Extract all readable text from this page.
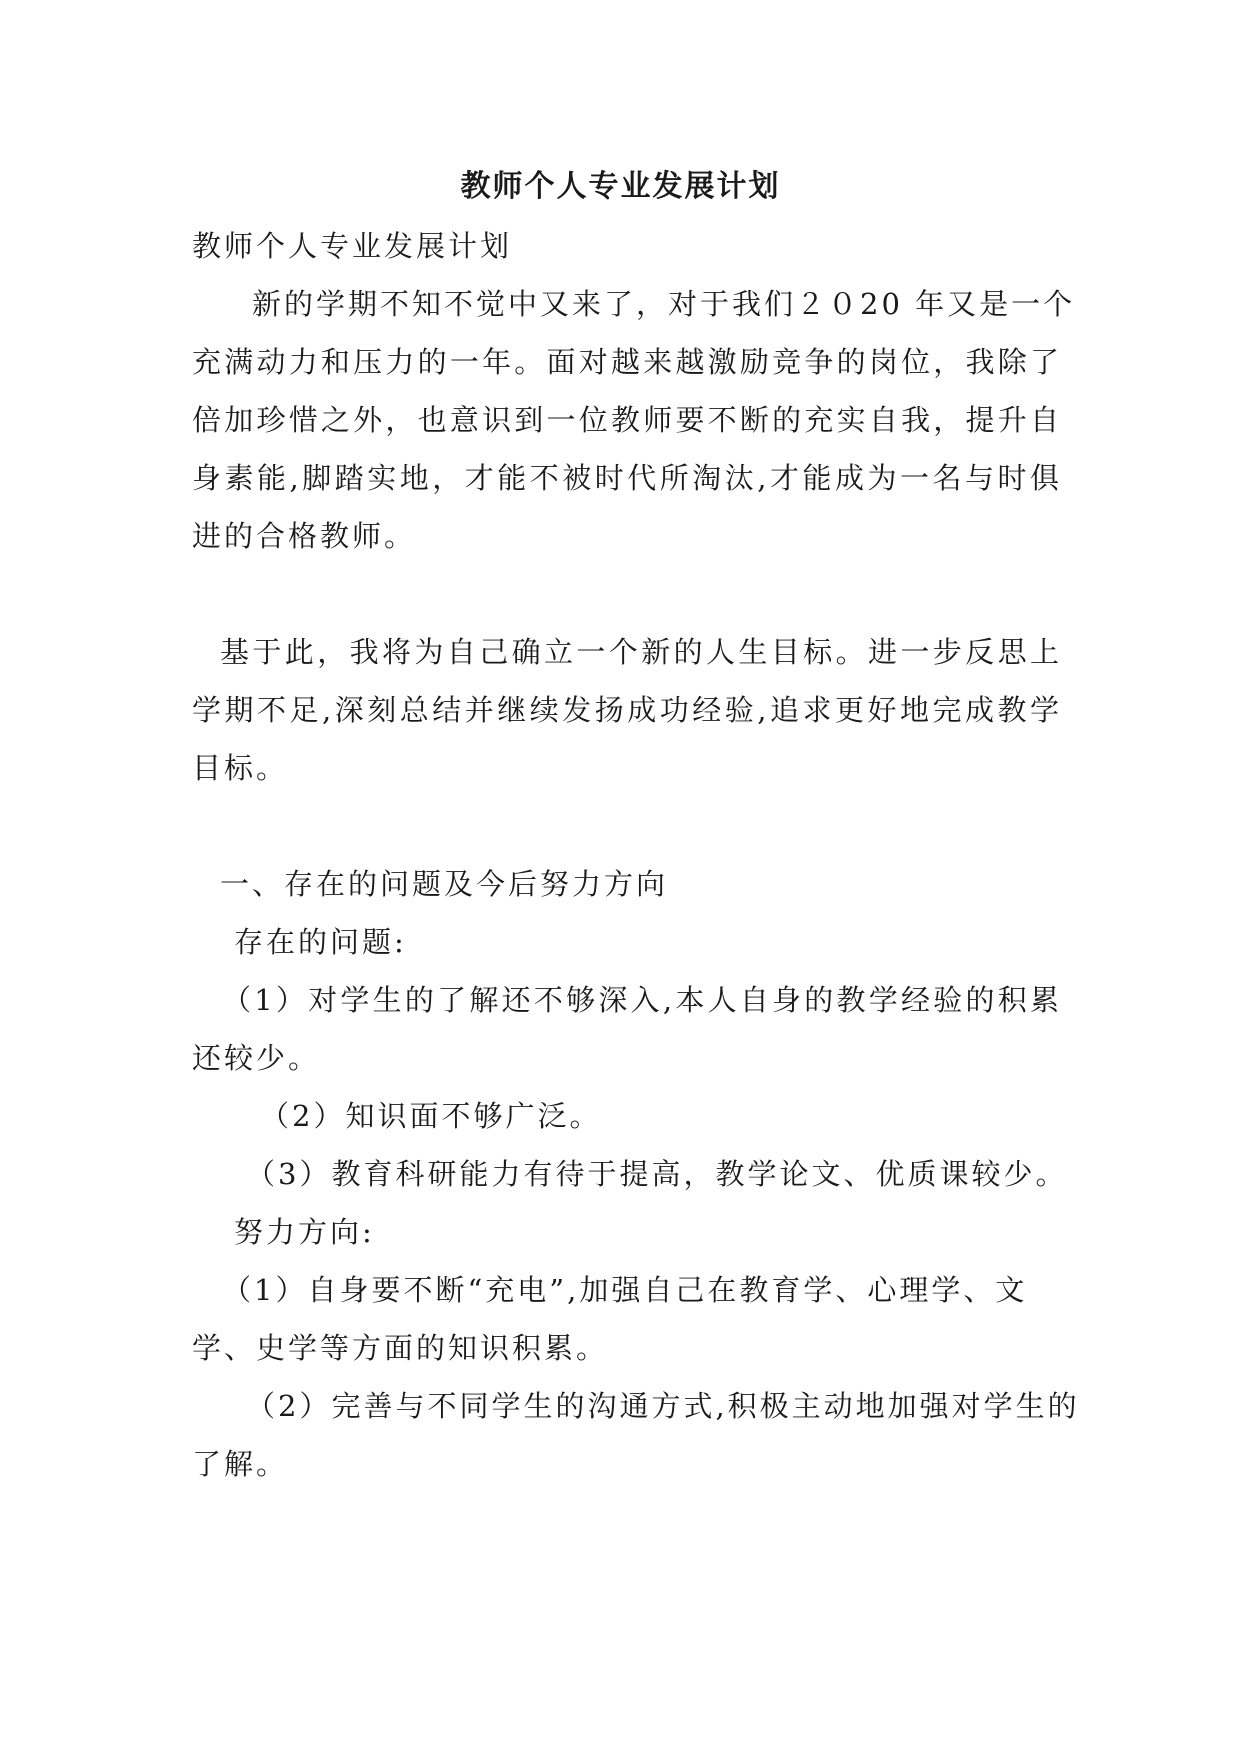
教师个人专业发展计划
教师个人专业发展计划
新的学期不知不觉中又来了，对于我们２０20 年又是一个
充满动力和压力的一年。面对越来越激励竞争的岗位，我除了
倍加珍惜之外，也意识到一位教师要不断的充实自我，提升自
身素能,脚踏实地，才能不被时代所淘汰,才能成为一名与时俱
进的合格教师。
基于此，我将为自己确立一个新的人生目标。进一步反思上
学期不足,深刻总结并继续发扬成功经验,追求更好地完成教学
目标。
一、存在的问题及今后努力方向
存在的问题:
（1）对学生的了解还不够深入,本人自身的教学经验的积累
还较少。
（2）知识面不够广泛。
（3）教育科研能力有待于提高，教学论文、优质课较少。
努力方向:
（1）自身要不断“充电”,加强自己在教育学、心理学、文
学、史学等方面的知识积累。
（2）完善与不同学生的沟通方式,积极主动地加强对学生的
了解。
